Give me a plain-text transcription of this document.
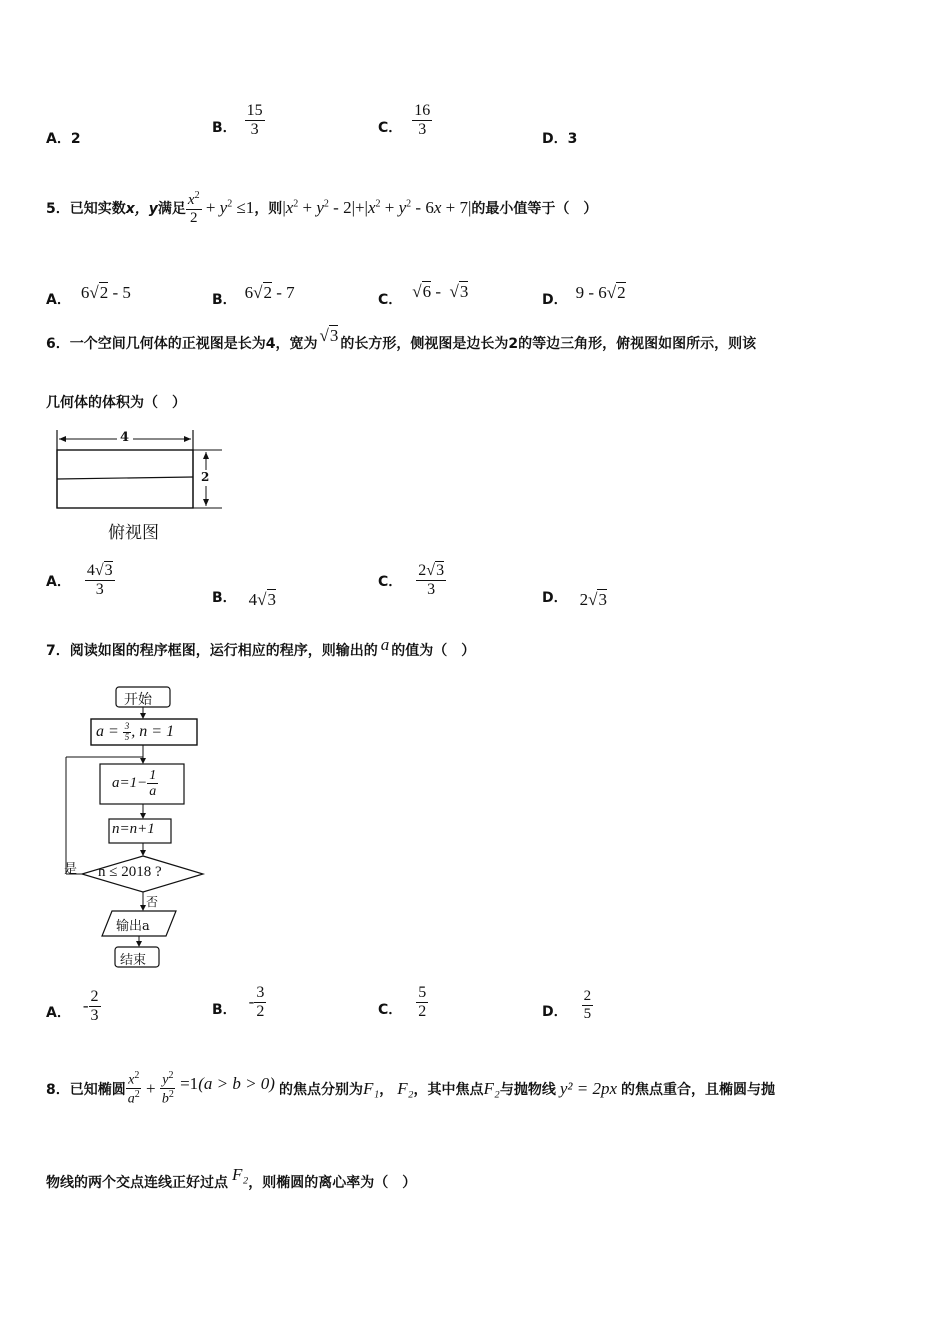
A．2
B． $\frac{15}{3}$	C． $\frac{16}{3}$
D．3
5．已知实数 x，y 满足 $\frac{x^2}{2} + y^2 \le 1$ ，则 $|x^2 + y^2 - 2|+|x^2 + y^2 - 6x + 7|$ 的最小值等于（　）
A． 6√2 - 5	B． 6√2 - 7	C． √6 -  √3	D． 9 - 6√2
6．一个空间几何体的正视图是长为4，宽为 √3 的长方形，侧视图是边长为2的等边三角形，俯视图如图所示，则该
几何体的体积为（　）
4
2
俯视图
A． $\frac{4√3}{3}$	B． 4√3
C． $\frac{2√3}{3}$	D． 2√3
7．阅读如图的程序框图，运行相应的程序，则输出的 a 的值为（　）
开始
$a = \frac{3}{5}$ , n = 1
$a=1- \frac{1}{a}$
n=n+1
n ≤ 2018 ?
是
否
输出a
结束
A． - $\frac{2}{3}$	B． - $\frac{3}{2}$	C． $\frac{5}{2}$	D． $\frac{2}{5}$
8．已知椭圆 $\frac{x^2}{a^2} + \frac{y^2}{b^2} =1$ (a > b > 0) 的焦点分别为 F₁ ， F₂ ，其中焦点 F₂ 与抛物线 y² = 2px 的焦点重合，且椭圆与抛
物线的两个交点连线正好过点 F₂ ，则椭圆的离心率为（　）
